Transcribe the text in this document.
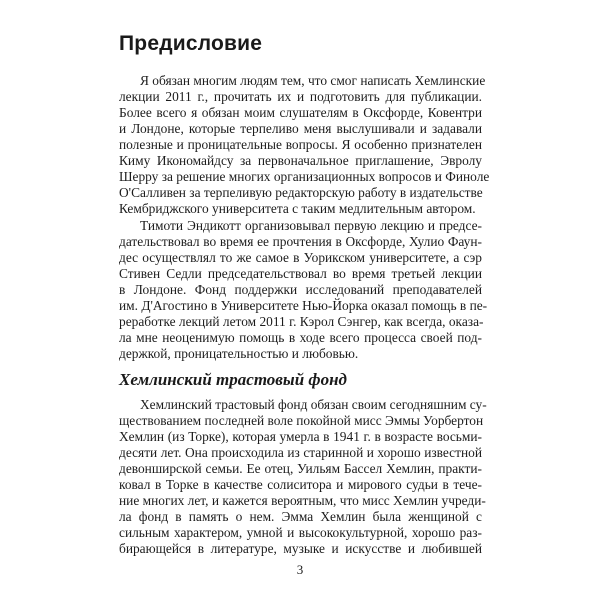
Предисловие
Я обязан многим людям тем, что смог написать Хемлинские
лекции 2011 г., прочитать их и подготовить для публикации.
Более всего я обязан моим слушателям в Оксфорде, Ковентри
и Лондоне, которые терпеливо меня выслушивали и задавали
полезные и проницательные вопросы. Я особенно признателен
Киму Икономайдсу за первоначальное приглашение, Эвролу
Шерру за решение многих организационных вопросов и Финоле
О'Салливен за терпеливую редакторскую работу в издательстве
Кембриджского университета с таким медлительным автором.
Тимоти Эндикотт организовывал первую лекцию и предсе-
дательствовал во время ее прочтения в Оксфорде, Хулио Фаун-
дес осуществлял то же самое в Уорикском университете, а сэр
Стивен Седли председательствовал во время третьей лекции
в Лондоне. Фонд поддержки исследований преподавателей
им. Д'Агостино в Университете Нью-Йорка оказал помощь в пе-
реработке лекций летом 2011 г. Кэрол Сэнгер, как всегда, оказа-
ла мне неоценимую помощь в ходе всего процесса своей под-
держкой, проницательностью и любовью.
Хемлинский трастовый фонд
Хемлинский трастовый фонд обязан своим сегодняшним су-
ществованием последней воле покойной мисс Эммы Уорбертон
Хемлин (из Торке), которая умерла в 1941 г. в возрасте восьми-
десяти лет. Она происходила из старинной и хорошо известной
девонширской семьи. Ее отец, Уильям Бассел Хемлин, практи-
ковал в Торке в качестве солиситора и мирового судьи в тече-
ние многих лет, и кажется вероятным, что мисс Хемлин учреди-
ла фонд в память о нем. Эмма Хемлин была женщиной с
сильным характером, умной и высококультурной, хорошо раз-
бирающейся в литературе, музыке и искусстве и любившей
3
